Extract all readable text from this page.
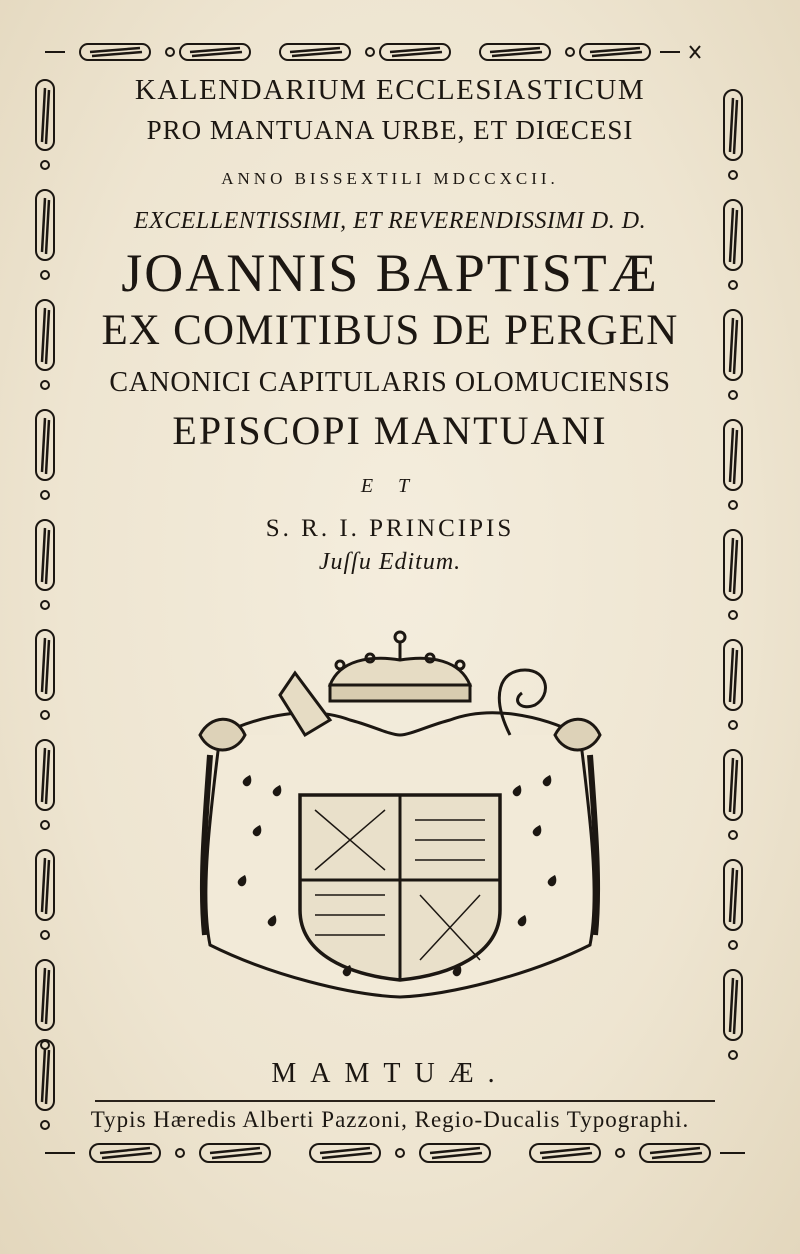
KALENDARIUM ECCLESIASTICUM
PRO MANTUANA URBE, ET DIŒCESI
ANNO BISSEXTILI MDCCXCII.
EXCELLENTISSIMI, ET REVERENDISSIMI D. D.
JOANNIS BAPTISTÆ
EX COMITIBUS DE PERGEN
CANONICI CAPITULARIS OLOMUCIENSIS
EPISCOPI MANTUANI
E T
S. R. I. PRINCIPIS
Juſſu Editum.
MAMTUÆ.
Typis Hæredis Alberti Pazzoni, Regio-Ducalis Typographi.
